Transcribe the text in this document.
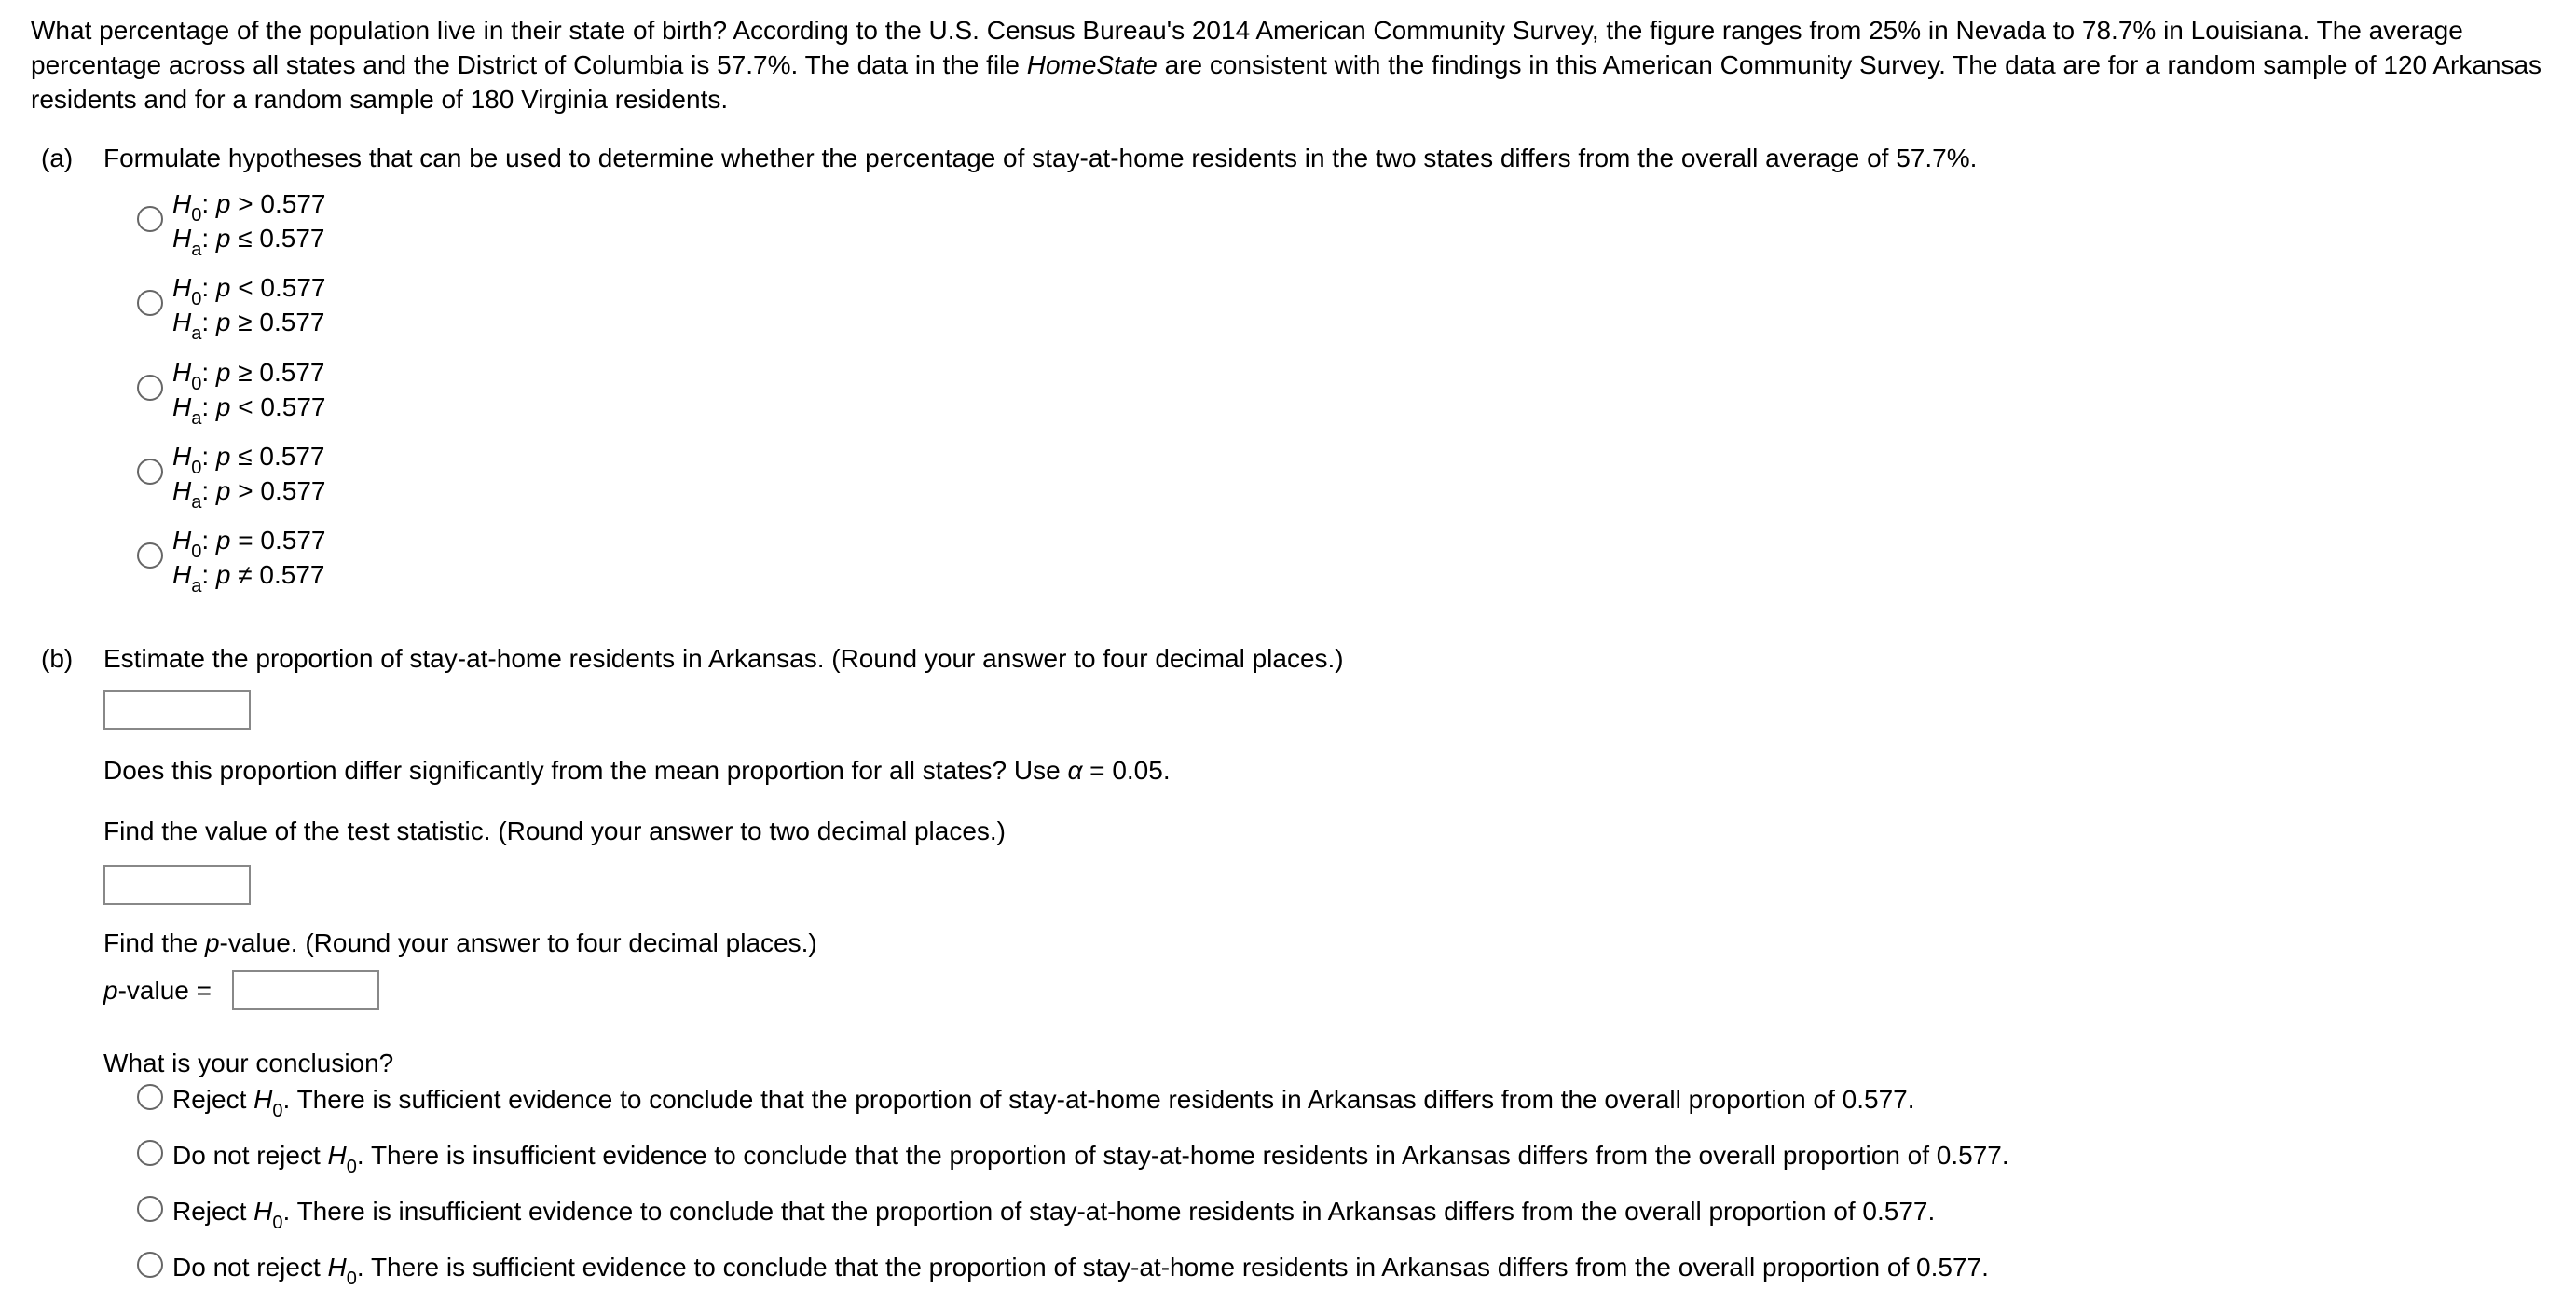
What percentage of the population live in their state of birth? According to the U.S. Census Bureau's 2014 American Community Survey, the figure ranges from 25% in Nevada to 78.7% in Louisiana. The average percentage across all states and the District of Columbia is 57.7%. The data in the file HomeState are consistent with the findings in this American Community Survey. The data are for a random sample of 120 Arkansas residents and for a random sample of 180 Virginia residents.

(a) Formulate hypotheses that can be used to determine whether the percentage of stay-at-home residents in the two states differs from the overall average of 57.7%.
$H_0$: p > 0.577
$H_a$: p ≤ 0.577
$H_0$: p < 0.577
$H_a$: p ≥ 0.577
$H_0$: p ≥ 0.577
$H_a$: p < 0.577
$H_0$: p ≤ 0.577
$H_a$: p > 0.577
$H_0$: p = 0.577
$H_a$: p ≠ 0.577
(b) Estimate the proportion of stay-at-home residents in Arkansas. (Round your answer to four decimal places.)
Does this proportion differ significantly from the mean proportion for all states? Use α = 0.05.
Find the value of the test statistic. (Round your answer to two decimal places.)
Find the p-value. (Round your answer to four decimal places.)
p-value =
What is your conclusion?
Reject $H_0$. There is sufficient evidence to conclude that the proportion of stay-at-home residents in Arkansas differs from the overall proportion of 0.577.
Do not reject $H_0$. There is insufficient evidence to conclude that the proportion of stay-at-home residents in Arkansas differs from the overall proportion of 0.577.
Reject $H_0$. There is insufficient evidence to conclude that the proportion of stay-at-home residents in Arkansas differs from the overall proportion of 0.577.
Do not reject $H_0$. There is sufficient evidence to conclude that the proportion of stay-at-home residents in Arkansas differs from the overall proportion of 0.577.
